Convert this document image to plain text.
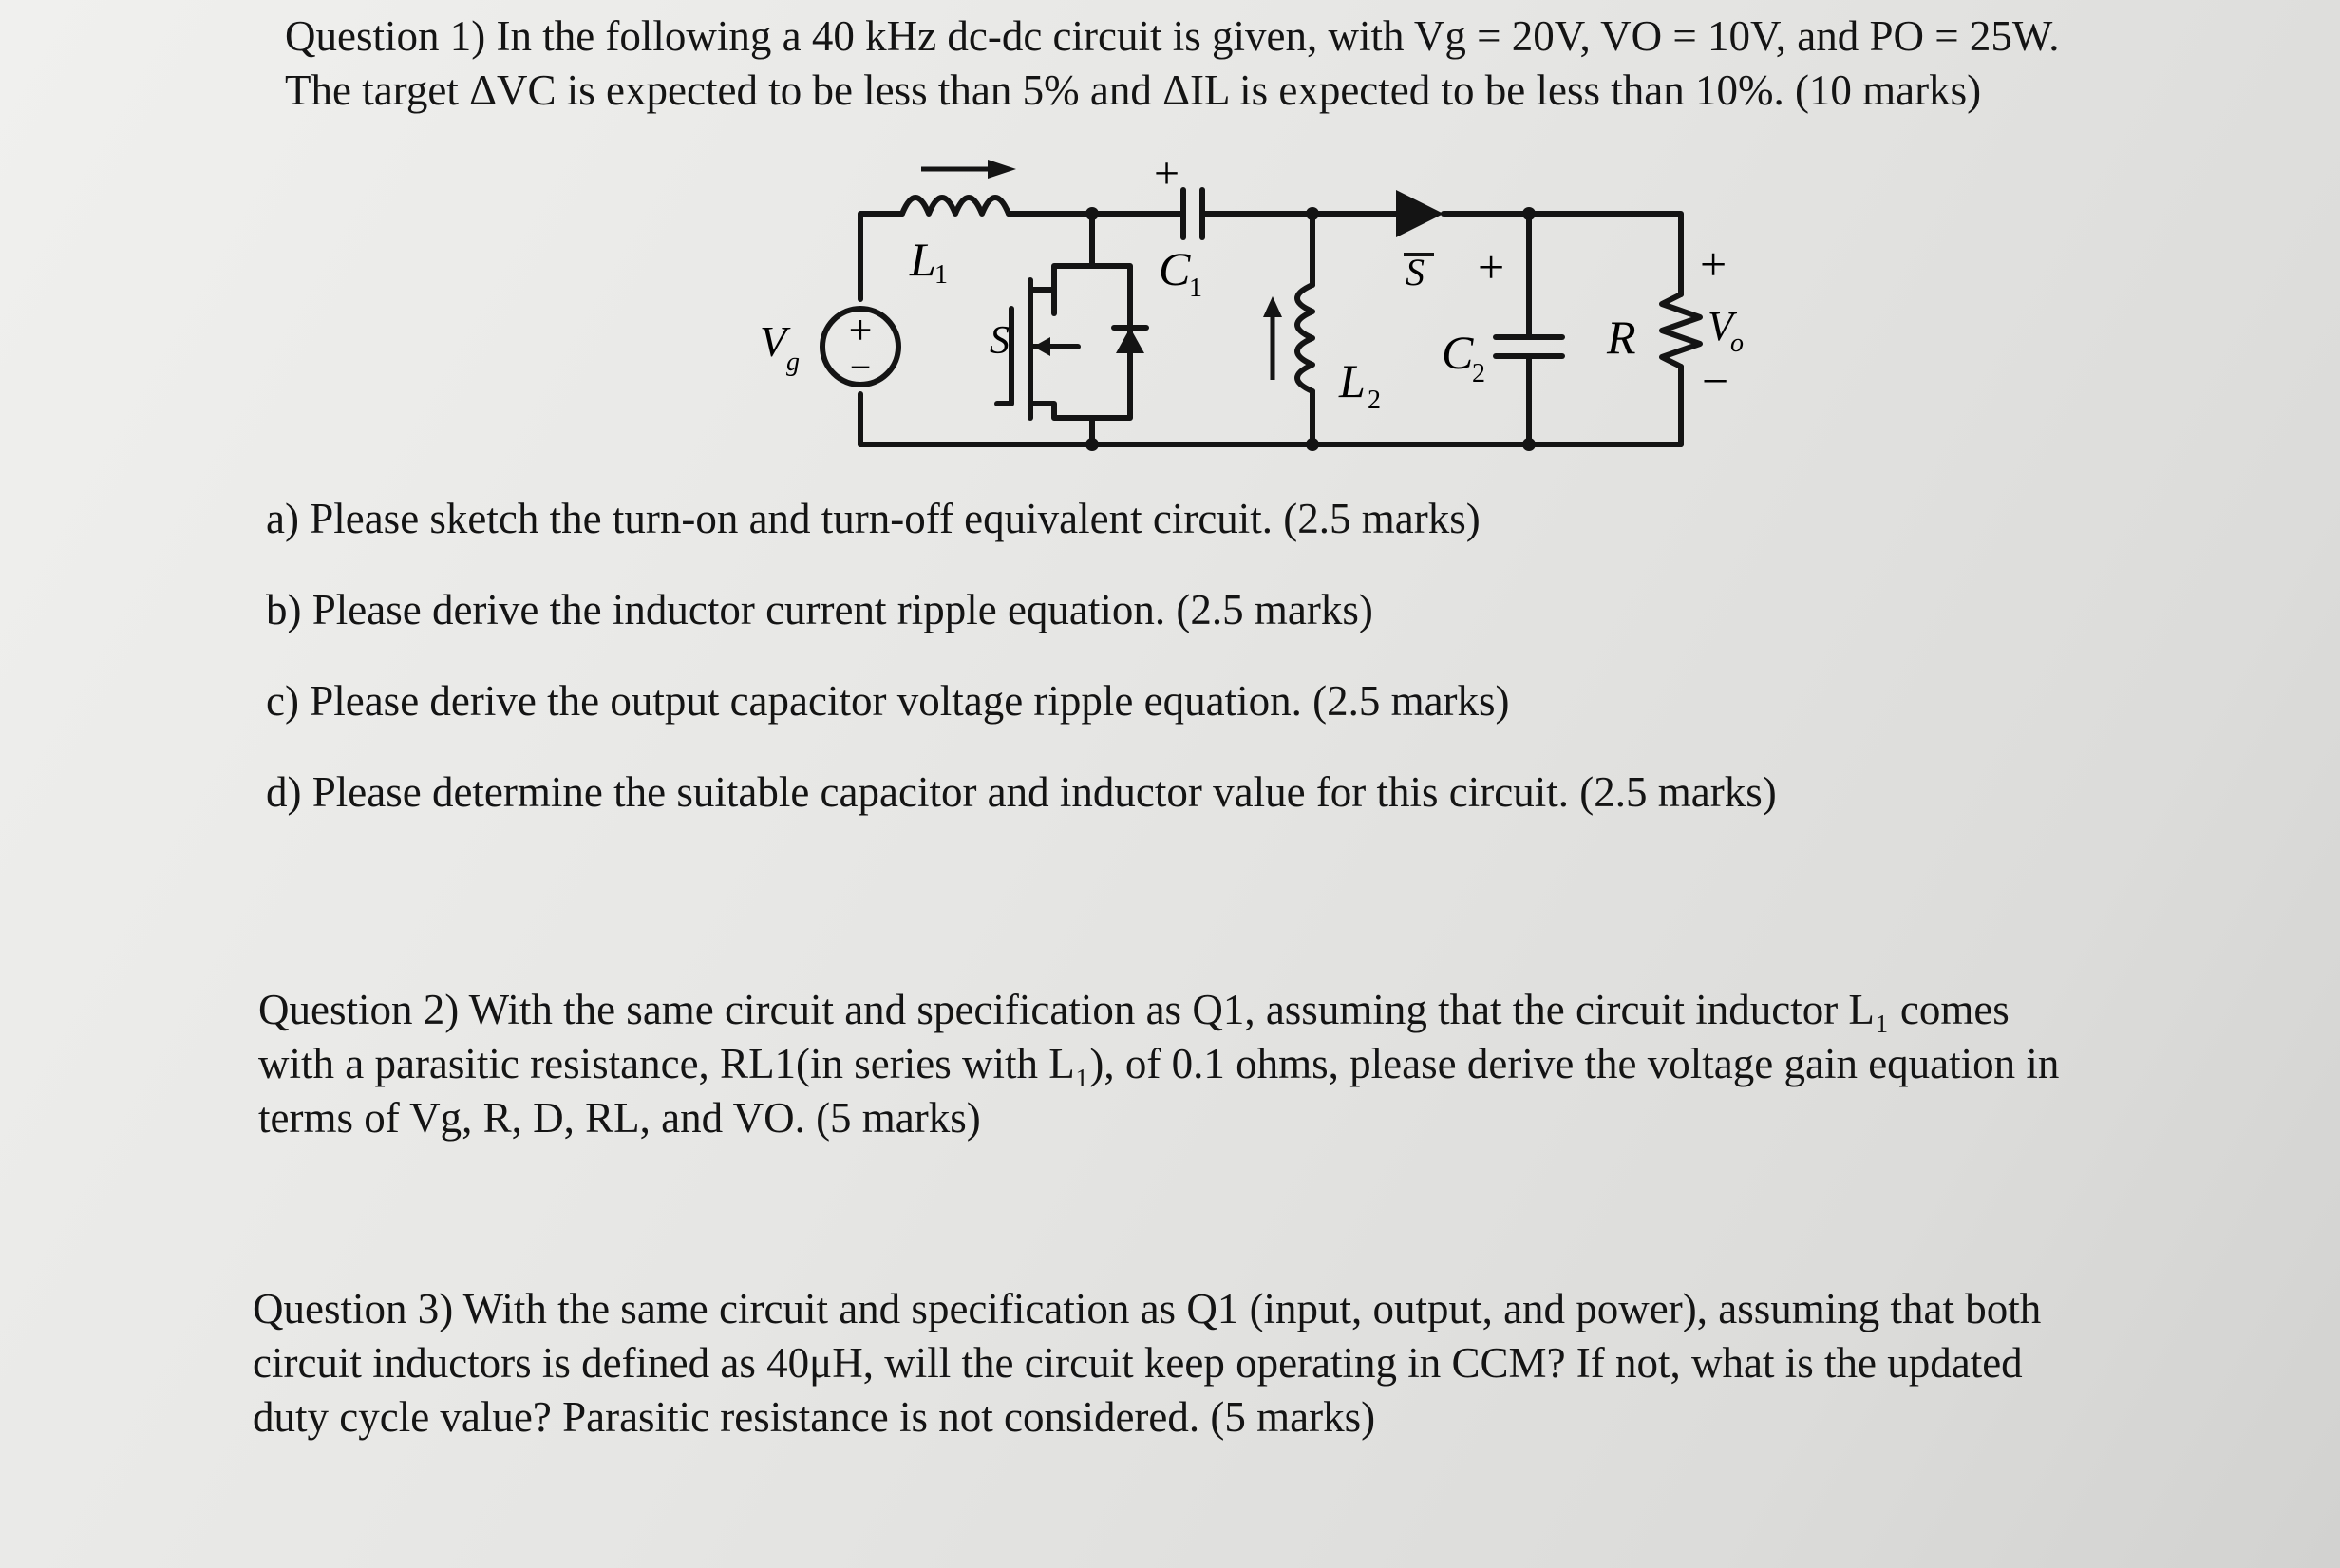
Question 1) In the following a 40 kHz dc-dc circuit is given, with Vg = 20V, VO = 10V, and PO = 25W.
The target ΔVC is expected to be less than 5% and ΔIL is expected to be less than 10%. (10 marks)
+
−
V g
L
1	C
1
+
S
S +
L 2
C
2
R
+
V
o
−
a) Please sketch the turn-on and turn-off equivalent circuit. (2.5 marks)
b) Please derive the inductor current ripple equation. (2.5 marks)
c) Please derive the output capacitor voltage ripple equation. (2.5 marks)
d) Please determine the suitable capacitor and inductor value for this circuit. (2.5 marks)
Question 2) With the same circuit and specification as Q1, assuming that the circuit inductor L₁ comes
with a parasitic resistance, RL1(in series with L₁), of 0.1 ohms, please derive the voltage gain equation in
terms of Vg, R, D, RL, and VO. (5 marks)
Question 3) With the same circuit and specification as Q1 (input, output, and power), assuming that both
circuit inductors is defined as 40μH, will the circuit keep operating in CCM? If not, what is the updated
duty cycle value? Parasitic resistance is not considered. (5 marks)
